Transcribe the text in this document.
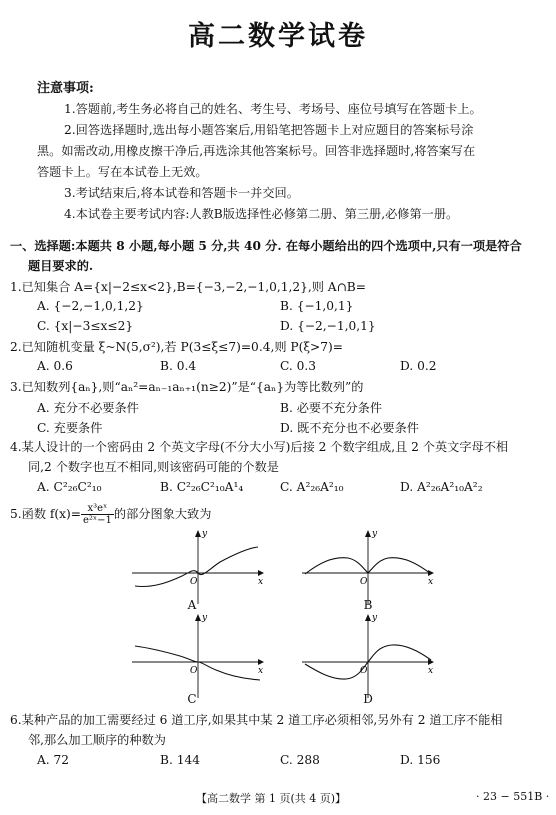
高二数学试卷
注意事项:
1.答题前,考生务必将自己的姓名、考生号、考场号、座位号填写在答题卡上。
2.回答选择题时,选出每小题答案后,用铅笔把答题卡上对应题目的答案标号涂
黑。如需改动,用橡皮擦干净后,再选涂其他答案标号。回答非选择题时,将答案写在
答题卡上。写在本试卷上无效。
3.考试结束后,将本试卷和答题卡一并交回。
4.本试卷主要考试内容:人教B版选择性必修第二册、第三册,必修第一册。
一、选择题:本题共 8 小题,每小题 5 分,共 40 分. 在每小题给出的四个选项中,只有一项是符合
题目要求的.
1.已知集合 A={x|−2≤x<2},B={−3,−2,−1,0,1,2},则 A∩B=
A. {−2,−1,0,1,2}	B. {−1,0,1}
C. {x|−3≤x≤2}	D. {−2,−1,0,1}
2.已知随机变量 ξ~N(5,σ²),若 P(3≤ξ≤7)=0.4,则 P(ξ>7)=
A. 0.6	B. 0.4	C. 0.3	D. 0.2
3.已知数列{aₙ},则“aₙ²=aₙ₋₁aₙ₊₁(n≥2)”是“{aₙ}为等比数列”的
A. 充分不必要条件	B. 必要不充分条件
C. 充要条件	D. 既不充分也不必要条件
4.某人设计的一个密码由 2 个英文字母(不分大小写)后接 2 个数字组成,且 2 个英文字母不相
同,2 个数字也互不相同,则该密码可能的个数是
A. C²₂₆C²₁₀	B. C²₂₆C²₁₀A¹₄	C. A²₂₆A²₁₀	D. A²₂₆A²₁₀A²₂
5.函数 $f(x)= \frac{\text{x³eˣ}}{\text{e²ˣ−1}}$ 的部分图象大致为
y
x
O
A
y
x
O
B
y
x
O
C
y
x
O
D
6.某种产品的加工需要经过 6 道工序,如果其中某 2 道工序必须相邻,另外有 2 道工序不能相
邻,那么加工顺序的种数为
A. 72	B. 144	C. 288	D. 156
【高二数学 第 1 页(共 4 页)】	· 23 − 551B ·
